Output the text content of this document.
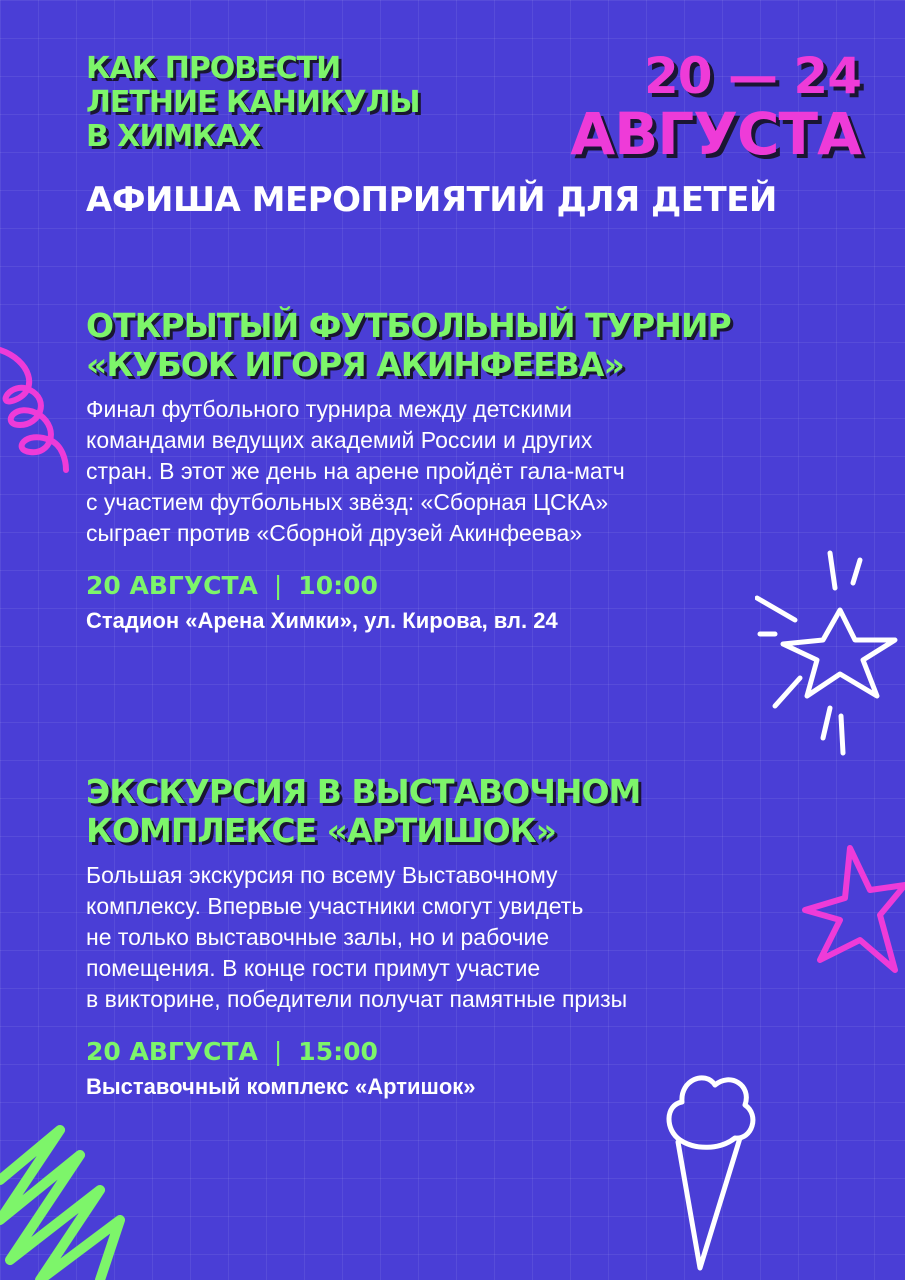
КАК ПРОВЕСТИ
ЛЕТНИЕ КАНИКУЛЫ
В ХИМКАХ
20 — 24
АВГУСТА
АФИША МЕРОПРИЯТИЙ ДЛЯ ДЕТЕЙ
ОТКРЫТЫЙ ФУТБОЛЬНЫЙ ТУРНИР
«КУБОК ИГОРЯ АКИНФЕЕВА»
Финал футбольного турнира между детскими
командами ведущих академий России и других
стран. В этот же день на арене пройдёт гала-матч
с участием футбольных звёзд: «Сборная ЦСКА»
сыграет против «Сборной друзей Акинфеева»
20 АВГУСТА | 10:00
Стадион «Арена Химки», ул. Кирова, вл. 24
ЭКСКУРСИЯ В ВЫСТАВОЧНОМ
КОМПЛЕКСЕ «АРТИШОК»
Большая экскурсия по всему Выставочному
комплексу. Впервые участники смогут увидеть
не только выставочные залы, но и рабочие
помещения. В конце гости примут участие
в викторине, победители получат памятные призы
20 АВГУСТА | 15:00
Выставочный комплекс «Артишок»
